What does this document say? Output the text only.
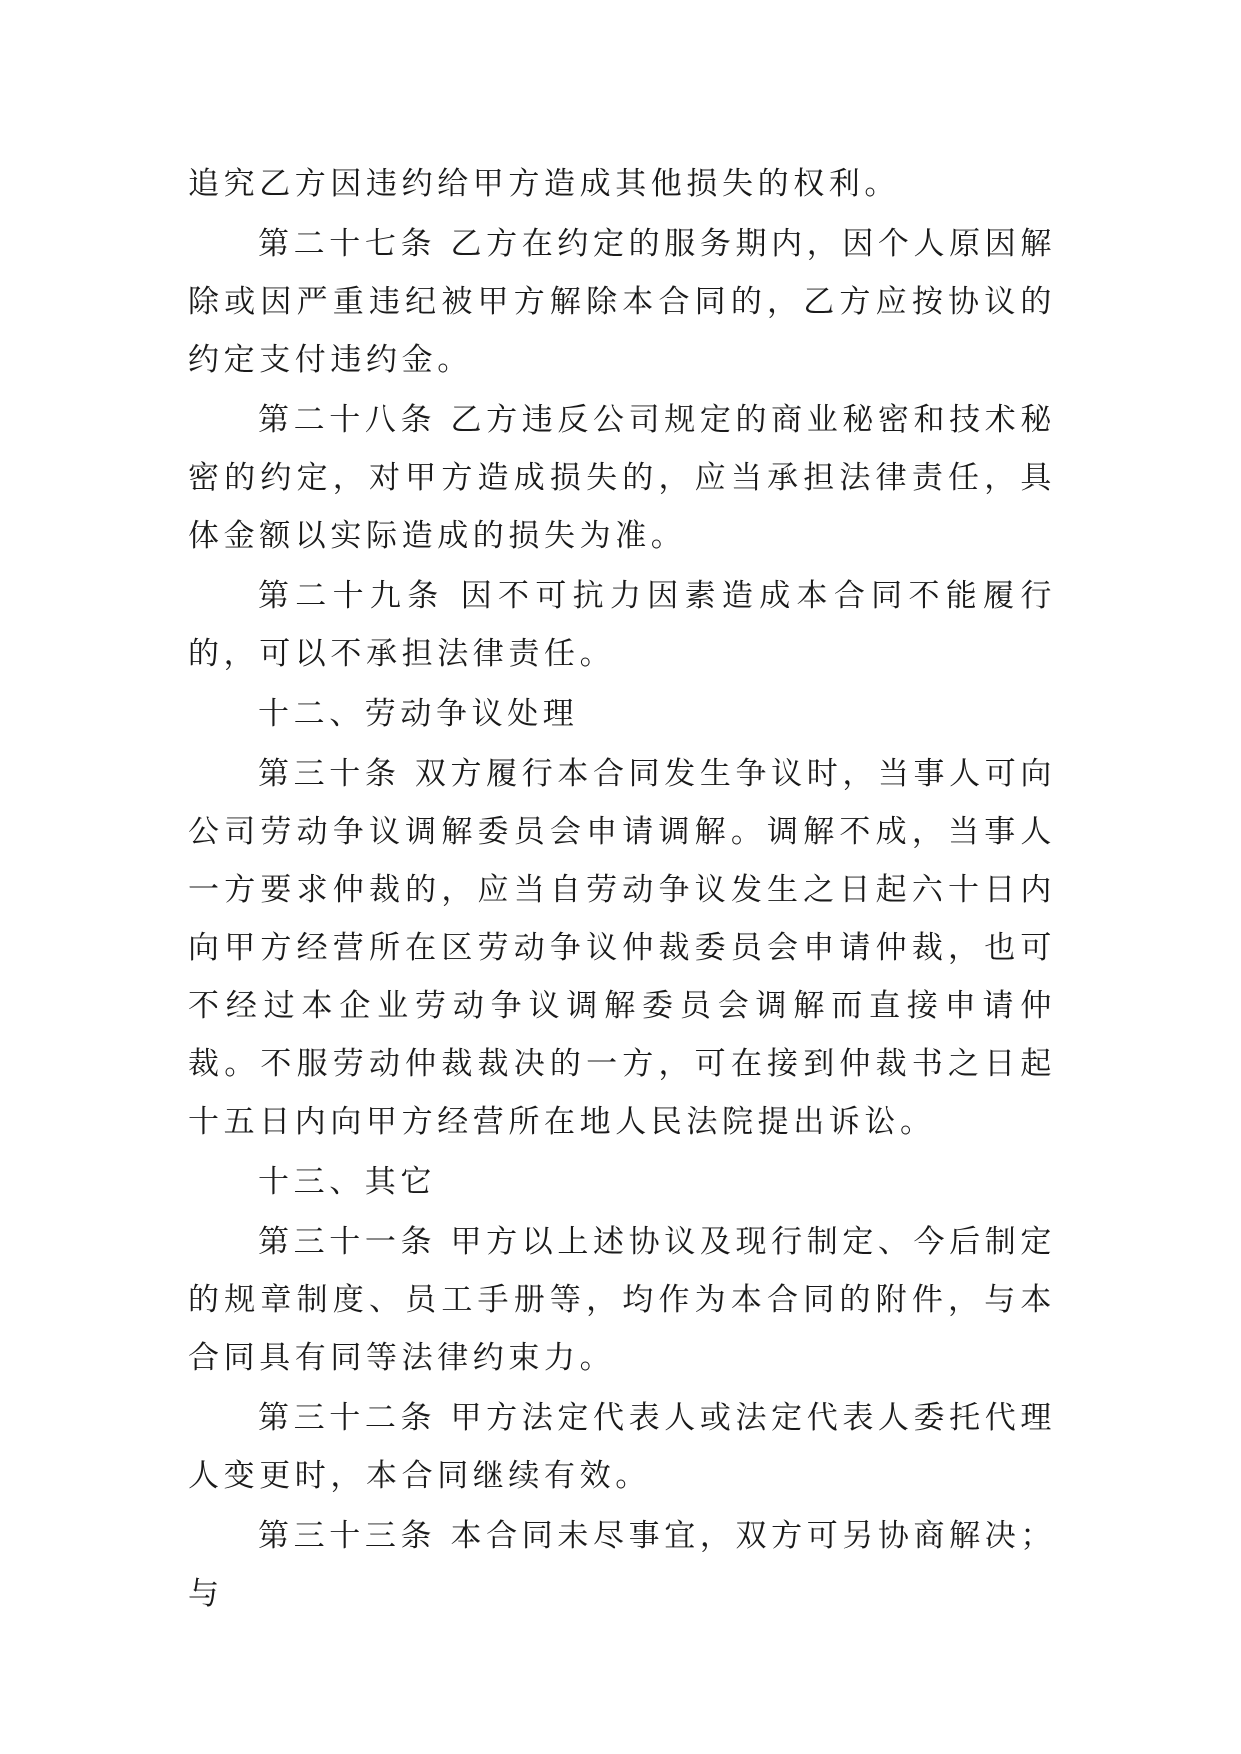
追究乙方因违约给甲方造成其他损失的权利。

第二十七条 乙方在约定的服务期内，因个人原因解除或因严重违纪被甲方解除本合同的，乙方应按协议的约定支付违约金。

第二十八条 乙方违反公司规定的商业秘密和技术秘密的约定，对甲方造成损失的，应当承担法律责任，具体金额以实际造成的损失为准。

第二十九条 因不可抗力因素造成本合同不能履行的，可以不承担法律责任。

十二、劳动争议处理

第三十条 双方履行本合同发生争议时，当事人可向公司劳动争议调解委员会申请调解。调解不成，当事人一方要求仲裁的，应当自劳动争议发生之日起六十日内向甲方经营所在区劳动争议仲裁委员会申请仲裁，也可不经过本企业劳动争议调解委员会调解而直接申请仲裁。不服劳动仲裁裁决的一方，可在接到仲裁书之日起十五日内向甲方经营所在地人民法院提出诉讼。

十三、其它

第三十一条 甲方以上述协议及现行制定、今后制定的规章制度、员工手册等，均作为本合同的附件，与本合同具有同等法律约束力。

第三十二条 甲方法定代表人或法定代表人委托代理人变更时，本合同继续有效。

第三十三条 本合同未尽事宜，双方可另协商解决；与
